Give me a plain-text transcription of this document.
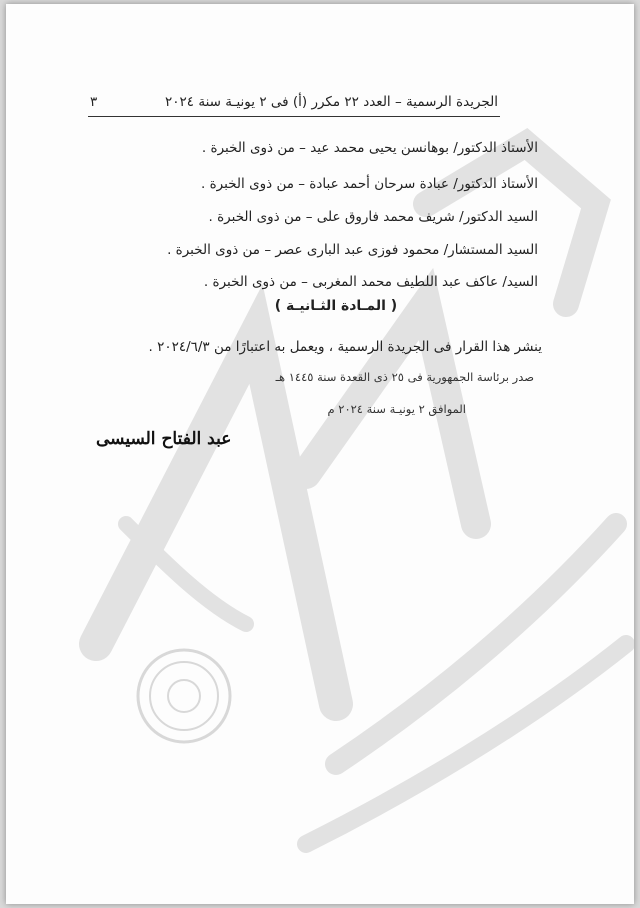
الجريدة الرسمية – العدد ٢٢ مكرر (أ) فى ٢ يونيـة سنة ٢٠٢٤
٣
الأستاذ الدكتور/ بوهانسن يحيى محمد عيد – من ذوى الخبرة .
الأستاذ الدكتور/ عبادة سرحان أحمد عبادة – من ذوى الخبرة .
السيد الدكتور/ شريف محمد فاروق على – من ذوى الخبرة .
السيد المستشار/ محمود فوزى عبد البارى عصر – من ذوى الخبرة .
السيد/ عاكف عبد اللطيف محمد المغربى – من ذوى الخبرة .
( المـادة الثـانيـة )
ينشر هذا القرار فى الجريدة الرسمية ، ويعمل به اعتبارًا من ٢٠٢٤/٦/٣ .
صدر برئاسة الجمهورية فى ٢٥ ذى القعدة سنة ١٤٤٥ هـ
الموافق ٢ يونيـة سنة ٢٠٢٤ م
عبد الفتاح السيسى
